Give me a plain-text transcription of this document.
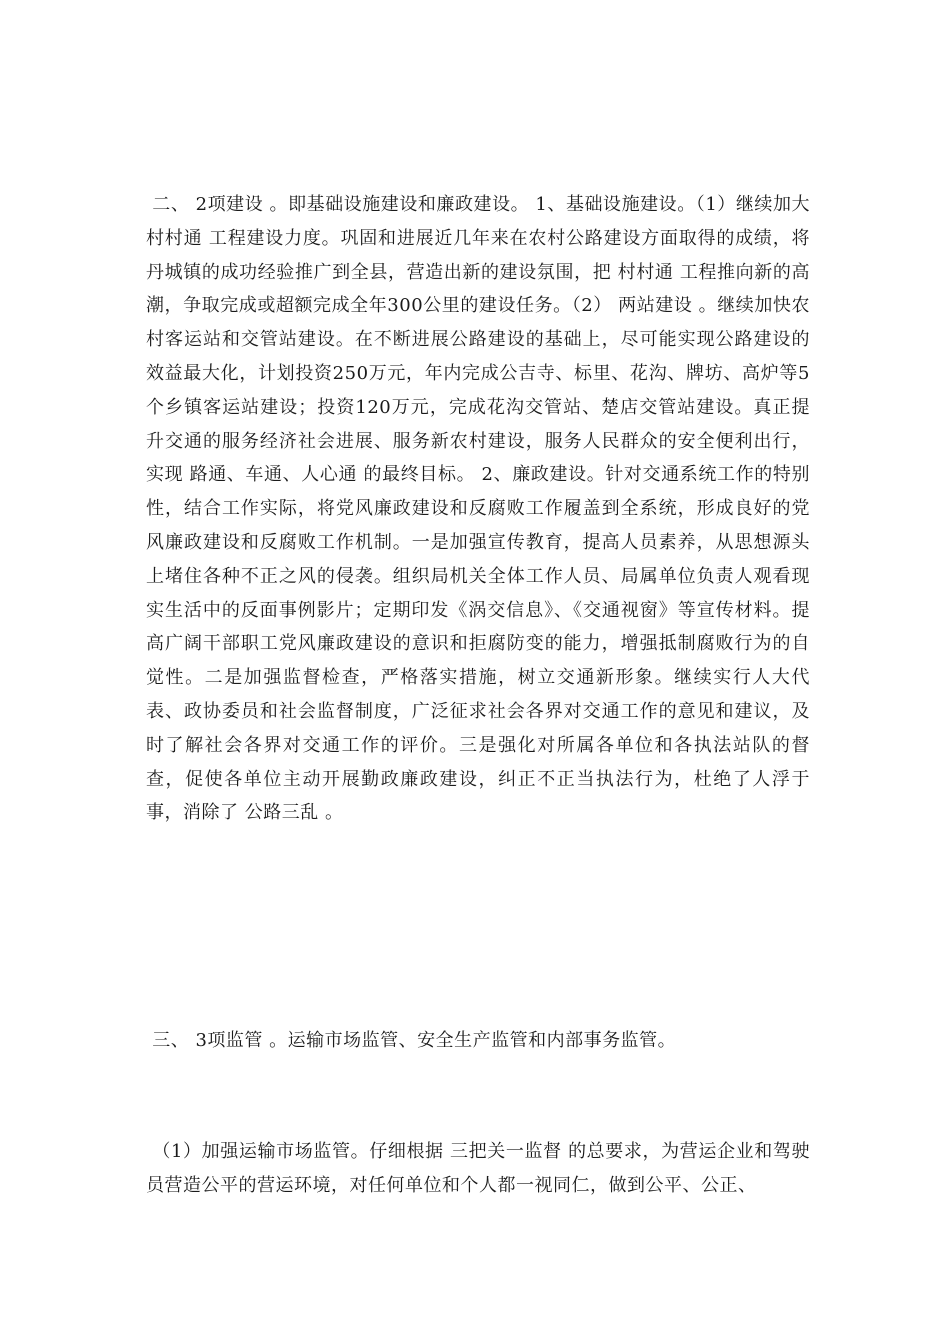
二、 2项建设 。即基础设施建设和廉政建设。 1、基础设施建设。（1）继续加大 村村通 工程建设力度。巩固和进展近几年来在农村公路建设方面取得的成绩，将丹城镇的成功经验推广到全县，营造出新的建设氛围，把 村村通 工程推向新的高潮，争取完成或超额完成全年300公里的建设任务。（2） 两站建设 。继续加快农村客运站和交管站建设。在不断进展公路建设的基础上，尽可能实现公路建设的效益最大化，计划投资250万元，年内完成公吉寺、标里、花沟、牌坊、高炉等5个乡镇客运站建设；投资120万元，完成花沟交管站、楚店交管站建设。真正提升交通的服务经济社会进展、服务新农村建设，服务人民群众的安全便利出行，实现 路通、车通、人心通 的最终目标。 2、廉政建设。针对交通系统工作的特别性，结合工作实际，将党风廉政建设和反腐败工作履盖到全系统，形成良好的党风廉政建设和反腐败工作机制。一是加强宣传教育，提高人员素养，从思想源头上堵住各种不正之风的侵袭。组织局机关全体工作人员、局属单位负责人观看现实生活中的反面事例影片；定期印发《涡交信息》、《交通视窗》等宣传材料。提高广阔干部职工党风廉政建设的意识和拒腐防变的能力，增强抵制腐败行为的自觉性。二是加强监督检查，严格落实措施，树立交通新形象。继续实行人大代表、政协委员和社会监督制度，广泛征求社会各界对交通工作的意见和建议，及时了解社会各界对交通工作的评价。三是强化对所属各单位和各执法站队的督查，促使各单位主动开展勤政廉政建设，纠正不正当执法行为，杜绝了人浮于事，消除了 公路三乱 。

三、 3项监管 。运输市场监管、安全生产监管和内部事务监管。

（1）加强运输市场监管。仔细根据 三把关一监督 的总要求，为营运企业和驾驶员营造公平的营运环境，对任何单位和个人都一视同仁，做到公平、公正、
